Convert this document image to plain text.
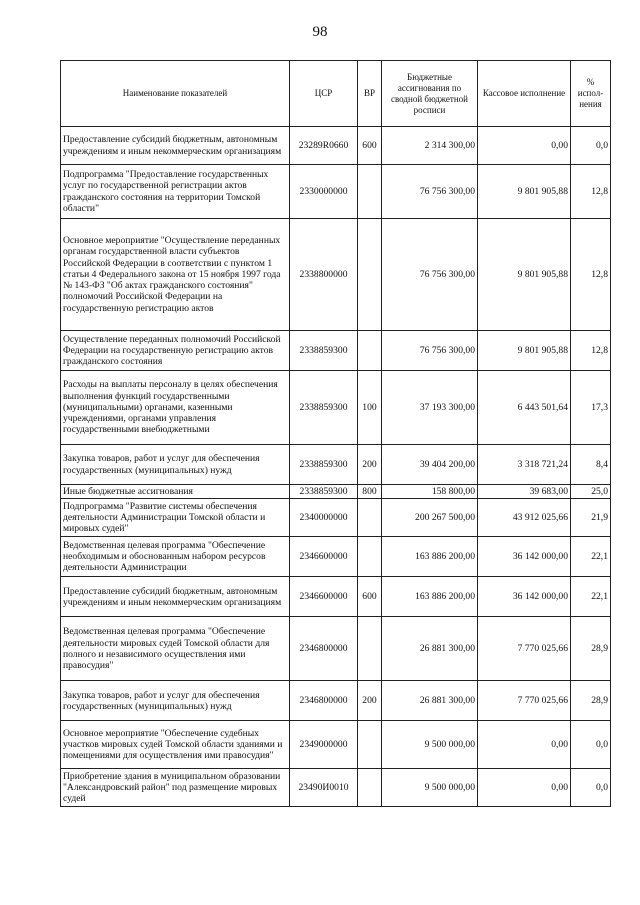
98
Наименование показателей	ЦСР	ВР	Бюджетные ассигнования по сводной бюджетной росписи	Кассовое исполнение	% испол-нения
Предоставление субсидий бюджетным, автономным учреждениям и иным некоммерческим организациям	23289R0660	600	2 314 300,00	0,00	0,0
Подпрограмма "Предоставление государственных услуг по государственной регистрации актов гражданского состояния на территории Томской области"	2330000000		76 756 300,00	9 801 905,88	12,8
Основное мероприятие "Осуществление переданных органам государственной власти субъектов Российской Федерации в соответствии с пунктом 1 статьи 4 Федерального закона от 15 ноября 1997 года № 143-ФЗ "Об актах гражданского состояния" полномочий Российской Федерации на государственную регистрацию актов	2338800000		76 756 300,00	9 801 905,88	12,8
Осуществление переданных полномочий Российской Федерации на государственную регистрацию актов гражданского состояния	2338859300		76 756 300,00	9 801 905,88	12,8
Расходы на выплаты персоналу в целях обеспечения выполнения функций государственными (муниципальными) органами, казенными учреждениями, органами управления государственными внебюджетными	2338859300	100	37 193 300,00	6 443 501,64	17,3
Закупка товаров, работ и услуг для обеспечения государственных (муниципальных) нужд	2338859300	200	39 404 200,00	3 318 721,24	8,4
Иные бюджетные ассигнования	2338859300	800	158 800,00	39 683,00	25,0
Подпрограмма "Развитие системы обеспечения деятельности Администрации Томской области и мировых судей"	2340000000		200 267 500,00	43 912 025,66	21,9
Ведомственная целевая программа "Обеспечение необходимым и обоснованным набором ресурсов деятельности Администрации	2346600000		163 886 200,00	36 142 000,00	22,1
Предоставление субсидий бюджетным, автономным учреждениям и иным некоммерческим организациям	2346600000	600	163 886 200,00	36 142 000,00	22,1
Ведомственная целевая программа "Обеспечение деятельности мировых судей Томской области для полного и независимого осуществления ими правосудия"	2346800000		26 881 300,00	7 770 025,66	28,9
Закупка товаров, работ и услуг для обеспечения государственных (муниципальных) нужд	2346800000	200	26 881 300,00	7 770 025,66	28,9
Основное мероприятие "Обеспечение судебных участков мировых судей Томской области зданиями и помещениями для осуществления ими правосудия"	2349000000		9 500 000,00	0,00	0,0
Приобретение здания в муниципальном образовании "Александровский район" под размещение мировых судей	23490И0010		9 500 000,00	0,00	0,0
